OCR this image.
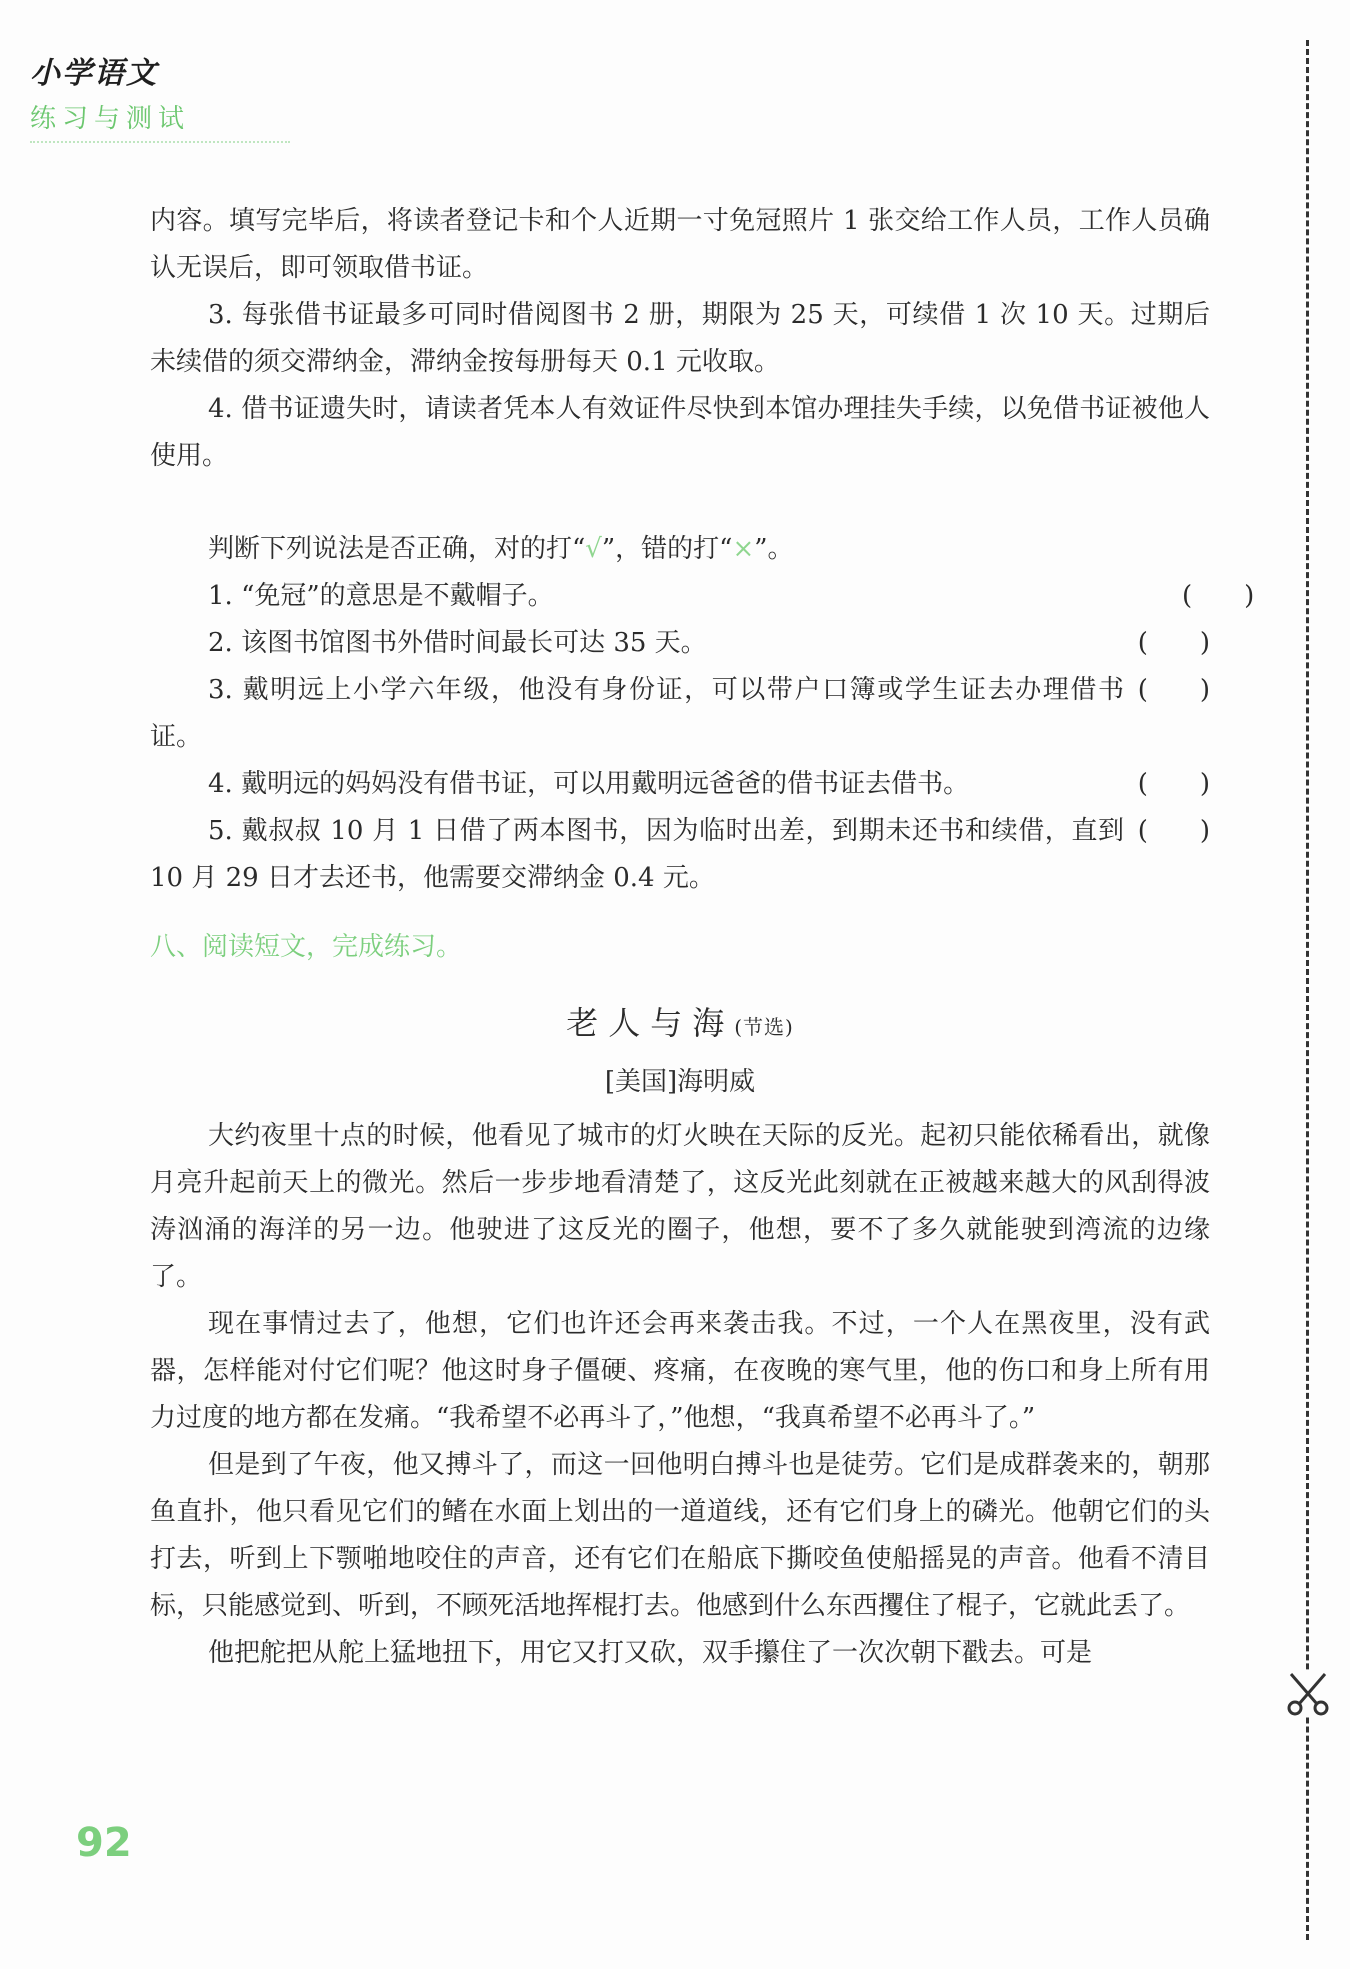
小学语文
练习与测试

内容。填写完毕后，将读者登记卡和个人近期一寸免冠照片 1 张交给工作人员，工作人员确认无误后，即可领取借书证。

3. 每张借书证最多可同时借阅图书 2 册，期限为 25 天，可续借 1 次 10 天。过期后未续借的须交滞纳金，滞纳金按每册每天 0.1 元收取。

4. 借书证遗失时，请读者凭本人有效证件尽快到本馆办理挂失手续，以免借书证被他人使用。

判断下列说法是否正确，对的打“√”，错的打“×”。

1. “免冠”的意思是不戴帽子。	(　　)

2. 该图书馆图书外借时间最长可达 35 天。	(　　)

3. 戴明远上小学六年级，他没有身份证，可以带户口簿或学生证去办理借书证。

(　　)

4. 戴明远的妈妈没有借书证，可以用戴明远爸爸的借书证去借书。	(　　)

5. 戴叔叔 10 月 1 日借了两本图书，因为临时出差，到期未还书和续借，直到 10 月 29 日才去还书，他需要交滞纳金 0.4 元。

(　　)
八、阅读短文，完成练习。
老人与海(节选)
[美国]海明威

大约夜里十点的时候，他看见了城市的灯火映在天际的反光。起初只能依稀看出，就像月亮升起前天上的微光。然后一步步地看清楚了，这反光此刻就在正被越来越大的风刮得波涛汹涌的海洋的另一边。他驶进了这反光的圈子，他想，要不了多久就能驶到湾流的边缘了。

现在事情过去了，他想，它们也许还会再来袭击我。不过，一个人在黑夜里，没有武器，怎样能对付它们呢？他这时身子僵硬、疼痛，在夜晚的寒气里，他的伤口和身上所有用力过度的地方都在发痛。“我希望不必再斗了，”他想，“我真希望不必再斗了。”

但是到了午夜，他又搏斗了，而这一回他明白搏斗也是徒劳。它们是成群袭来的，朝那鱼直扑，他只看见它们的鳍在水面上划出的一道道线，还有它们身上的磷光。他朝它们的头打去，听到上下颚啪地咬住的声音，还有它们在船底下撕咬鱼使船摇晃的声音。他看不清目标，只能感觉到、听到，不顾死活地挥棍打去。他感到什么东西攫住了棍子，它就此丢了。

他把舵把从舵上猛地扭下，用它又打又砍，双手攥住了一次次朝下戳去。可是

92
